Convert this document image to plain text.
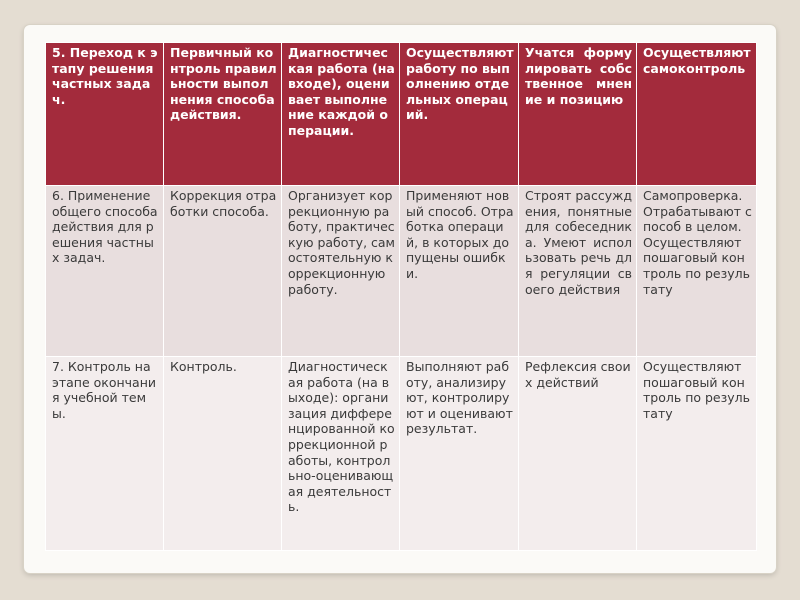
5. Переход к этапу решения частных задач.	Первичный контроль правильности выполнения способа действия.	Диагностическая работа (на входе), оценивает выполнение каждой операции.	Осуществляют работу по выполнению отдельных операций.	Учатся формулировать собственное мнение и позицию	Осуществляют самоконтроль
6. Применение общего способа действия для решения частных задач.	Коррекция отработки способа.	Организует коррекционную работу, практическую работу, самостоятельную коррекционную работу.	Применяют новый способ. Отработка операций, в которых допущены ошибки.	Строят рассуждения, понятные для собеседника. Умеют использовать речь для регуляции своего действия	Самопроверка. Отрабатывают способ в целом. Осуществляют пошаговый контроль по результату
7. Контроль на этапе окончания учебной темы.	Контроль.	Диагностическая работа (на выходе): организация дифференцированной коррекционной работы, контрольно-оценивающая деятельность.	Выполняют работу, анализируют, контролируют и оценивают результат.	Рефлексия своих действий	Осуществляют пошаговый контроль по результату
